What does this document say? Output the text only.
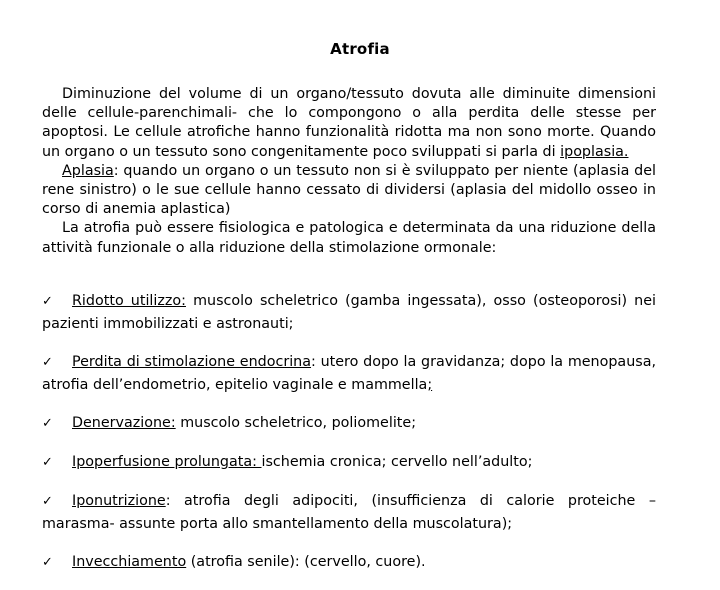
Atrofia

Diminuzione del volume di un organo/tessuto dovuta alle diminuite dimensioni delle cellule-parenchimali- che lo compongono o alla perdita delle stesse per apoptosi. Le cellule atrofiche hanno funzionalità ridotta ma non sono morte. Quando un organo o un tessuto sono congenitamente poco sviluppati si parla di ipoplasia.

Aplasia: quando un organo o un tessuto non si è sviluppato per niente (aplasia del rene sinistro) o le sue cellule hanno cessato di dividersi (aplasia del midollo osseo in corso di anemia aplastica)

La atrofia può essere fisiologica e patologica e determinata da una riduzione della attività funzionale o alla riduzione della stimolazione ormonale:

✓ Ridotto utilizzo: muscolo scheletrico (gamba ingessata), osso (osteoporosi) nei pazienti immobilizzati e astronauti;

✓ Perdita di stimolazione endocrina: utero dopo la gravidanza; dopo la menopausa, atrofia dell’endometrio, epitelio vaginale e mammella;

✓ Denervazione: muscolo scheletrico, poliomelite;

✓ Ipoperfusione prolungata: ischemia cronica; cervello nell’adulto;

✓ Iponutrizione: atrofia degli adipociti, (insufficienza di calorie proteiche – marasma- assunte porta allo smantellamento della muscolatura);

✓ Invecchiamento (atrofia senile): (cervello, cuore).
